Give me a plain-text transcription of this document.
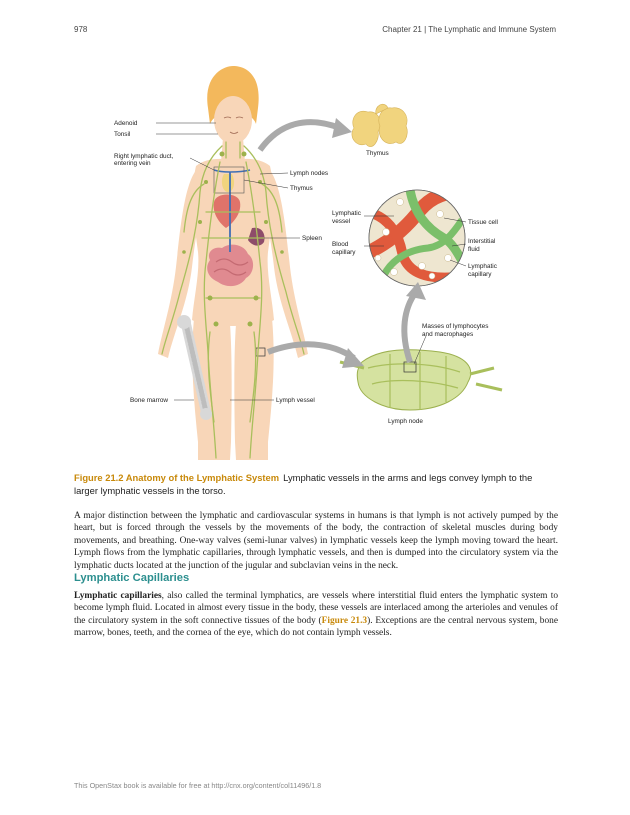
978	Chapter 21 | The Lymphatic and Immune System
Adenoid
Tonsil
Right lymphatic duct,
entering vein
Thymus
Lymph nodes
Thymus
Spleen
Lymphatic
vessel
Blood
capillary
Tissue cell
Interstitial
fluid
Lymphatic
capillary
Masses of lymphocytes
and macrophages
Bone marrow	Lymph vessel
Lymph node
Figure 21.2 Anatomy of the Lymphatic System Lymphatic vessels in the arms and legs convey lymph to the larger lymphatic vessels in the torso.

A major distinction between the lymphatic and cardiovascular systems in humans is that lymph is not actively pumped by the heart, but is forced through the vessels by the movements of the body, the contraction of skeletal muscles during body movements, and breathing. One-way valves (semi-lunar valves) in lymphatic vessels keep the lymph moving toward the heart. Lymph flows from the lymphatic capillaries, through lymphatic vessels, and then is dumped into the circulatory system via the lymphatic ducts located at the junction of the jugular and subclavian veins in the neck.

Lymphatic Capillaries

Lymphatic capillaries, also called the terminal lymphatics, are vessels where interstitial fluid enters the lymphatic system to become lymph fluid. Located in almost every tissue in the body, these vessels are interlaced among the arterioles and venules of the circulatory system in the soft connective tissues of the body (Figure 21.3). Exceptions are the central nervous system, bone marrow, bones, teeth, and the cornea of the eye, which do not contain lymph vessels.

This OpenStax book is available for free at http://cnx.org/content/col11496/1.8
